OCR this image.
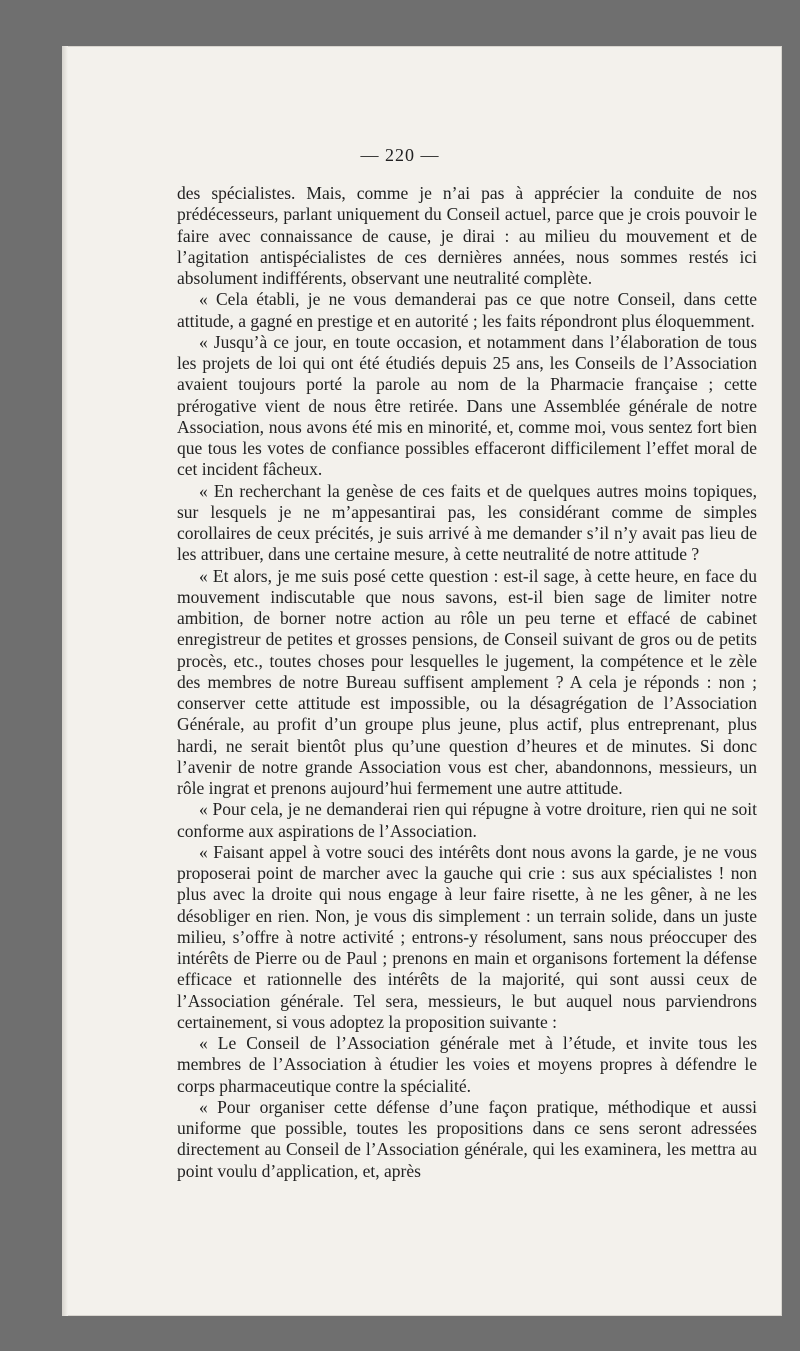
— 220 —

des spécialistes. Mais, comme je n’ai pas à apprécier la conduite de nos prédécesseurs, parlant uniquement du Conseil actuel, parce que je crois pouvoir le faire avec connaissance de cause, je dirai : au milieu du mouvement et de l’agitation antispécialistes de ces dernières années, nous sommes restés ici absolument indifférents, observant une neutralité complète.

« Cela établi, je ne vous demanderai pas ce que notre Conseil, dans cette attitude, a gagné en prestige et en autorité ; les faits répondront plus éloquemment.

« Jusqu’à ce jour, en toute occasion, et notamment dans l’élaboration de tous les projets de loi qui ont été étudiés depuis 25 ans, les Conseils de l’Association avaient toujours porté la parole au nom de la Pharmacie française ; cette prérogative vient de nous être retirée. Dans une Assemblée générale de notre Association, nous avons été mis en minorité, et, comme moi, vous sentez fort bien que tous les votes de confiance possibles effaceront difficilement l’effet moral de cet incident fâcheux.

« En recherchant la genèse de ces faits et de quelques autres moins topiques, sur lesquels je ne m’appesantirai pas, les considérant comme de simples corollaires de ceux précités, je suis arrivé à me demander s’il n’y avait pas lieu de les attribuer, dans une certaine mesure, à cette neutralité de notre attitude ?

« Et alors, je me suis posé cette question : est-il sage, à cette heure, en face du mouvement indiscutable que nous savons, est-il bien sage de limiter notre ambition, de borner notre action au rôle un peu terne et effacé de cabinet enregistreur de petites et grosses pensions, de Conseil suivant de gros ou de petits procès, etc., toutes choses pour lesquelles le jugement, la compétence et le zèle des membres de notre Bureau suffisent amplement ? A cela je réponds : non ; conserver cette attitude est impossible, ou la désagrégation de l’Association Générale, au profit d’un groupe plus jeune, plus actif, plus entreprenant, plus hardi, ne serait bientôt plus qu’une question d’heures et de minutes. Si donc l’avenir de notre grande Association vous est cher, abandonnons, messieurs, un rôle ingrat et prenons aujourd’hui fermement une autre attitude.

« Pour cela, je ne demanderai rien qui répugne à votre droiture, rien qui ne soit conforme aux aspirations de l’Association.

« Faisant appel à votre souci des intérêts dont nous avons la garde, je ne vous proposerai point de marcher avec la gauche qui crie : sus aux spécialistes ! non plus avec la droite qui nous engage à leur faire risette, à ne les gêner, à ne les désobliger en rien. Non, je vous dis simplement : un terrain solide, dans un juste milieu, s’offre à notre activité ; entrons-y résolument, sans nous préoccuper des intérêts de Pierre ou de Paul ; prenons en main et organisons fortement la défense efficace et rationnelle des intérêts de la majorité, qui sont aussi ceux de l’Association générale. Tel sera, messieurs, le but auquel nous parviendrons certainement, si vous adoptez la proposition suivante :

« Le Conseil de l’Association générale met à l’étude, et invite tous les membres de l’Association à étudier les voies et moyens propres à défendre le corps pharmaceutique contre la spécialité.

« Pour organiser cette défense d’une façon pratique, méthodique et aussi uniforme que possible, toutes les propositions dans ce sens seront adressées directement au Conseil de l’Association générale, qui les examinera, les mettra au point voulu d’application, et, après
